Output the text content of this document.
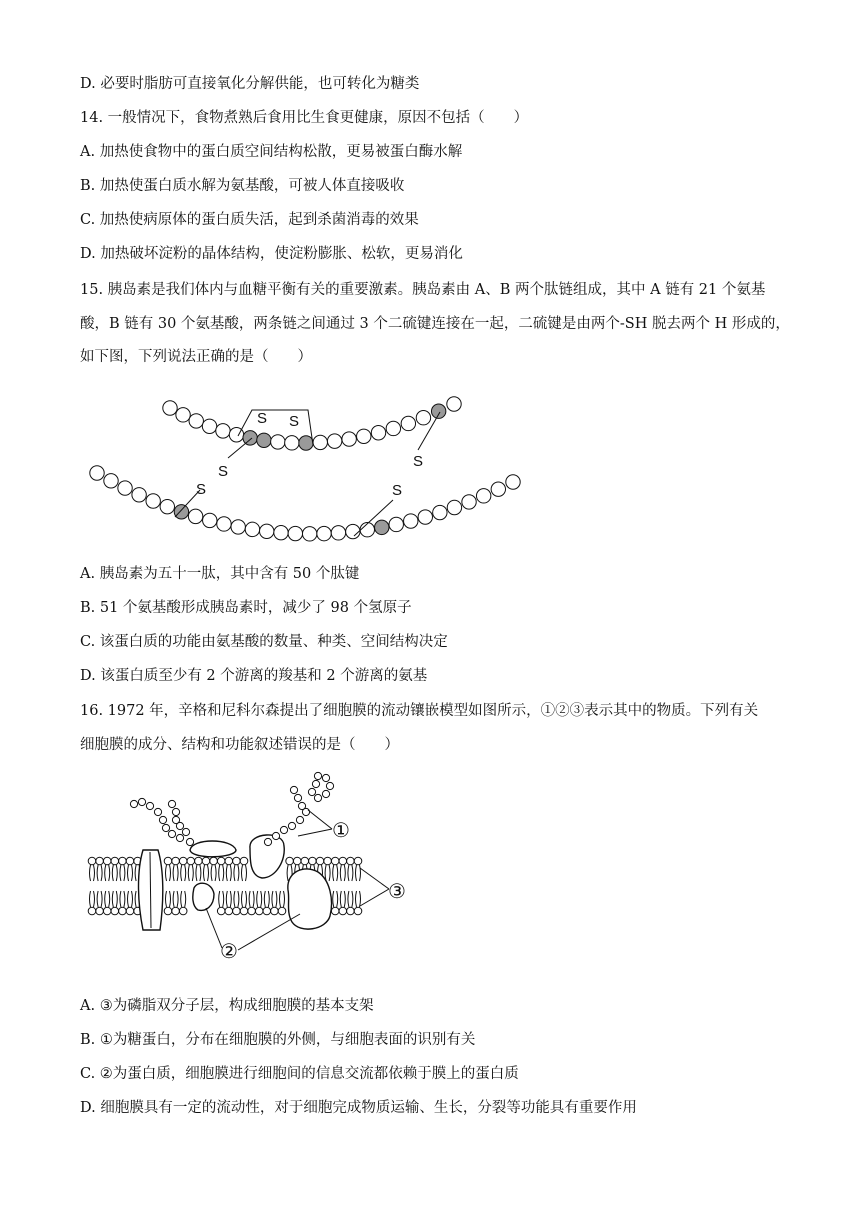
D. 必要时脂肪可直接氧化分解供能，也可转化为糖类
14. 一般情况下，食物煮熟后食用比生食更健康，原因不包括（　　）
A. 加热使食物中的蛋白质空间结构松散，更易被蛋白酶水解
B. 加热使蛋白质水解为氨基酸，可被人体直接吸收
C. 加热使病原体的蛋白质失活，起到杀菌消毒的效果
D. 加热破坏淀粉的晶体结构，使淀粉膨胀、松软，更易消化
15. 胰岛素是我们体内与血糖平衡有关的重要激素。胰岛素由 A、B 两个肽链组成，其中 A 链有 21 个氨基
酸，B 链有 30 个氨基酸，两条链之间通过 3 个二硫键连接在一起，二硫键是由两个-SH 脱去两个 H 形成的，
如下图，下列说法正确的是（　　）
S S
S
S
S
S
A. 胰岛素为五十一肽，其中含有 50 个肽键
B. 51 个氨基酸形成胰岛素时，减少了 98 个氢原子
C. 该蛋白质的功能由氨基酸的数量、种类、空间结构决定
D. 该蛋白质至少有 2 个游离的羧基和 2 个游离的氨基
16. 1972 年，辛格和尼科尔森提出了细胞膜的流动镶嵌模型如图所示，①②③表示其中的物质。下列有关
细胞膜的成分、结构和功能叙述错误的是（　　）
①
③
②
A. ③为磷脂双分子层，构成细胞膜的基本支架
B. ①为糖蛋白，分布在细胞膜的外侧，与细胞表面的识别有关
C. ②为蛋白质，细胞膜进行细胞间的信息交流都依赖于膜上的蛋白质
D. 细胞膜具有一定的流动性，对于细胞完成物质运输、生长，分裂等功能具有重要作用
